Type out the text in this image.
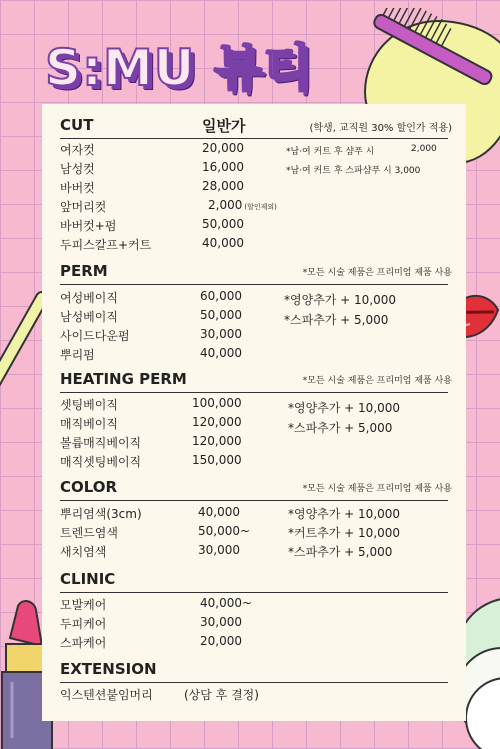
S:MU 뷰티
CUT	일반가	(학생, 교직원 30% 할인가 적용)
여자컷	20,000
남성컷	16,000
바버컷	28,000
앞머리컷	2,000 (할인제외)
바버컷+펌	50,000
두피스칼프+커트	40,000
*남·여 커트 후 샴푸 시	2,000
*남·여 커트 후 스파샴푸 시 3,000
PERM	*모든 시술 제품은 프리미엄 제품 사용
여성베이직	60,000
남성베이직	50,000
사이드다운펌	30,000
뿌리펌	40,000
*영양추가 + 10,000
*스파추가 + 5,000
HEATING PERM	*모든 시술 제품은 프리미엄 제품 사용
셋팅베이직	100,000
매직베이직	120,000
볼륨매직베이직	120,000
매직셋팅베이직	150,000
*영양추가 + 10,000
*스파추가 + 5,000
COLOR	*모든 시술 제품은 프리미엄 제품 사용
뿌리염색(3cm)	40,000
트렌드염색	50,000~
새치염색	30,000
*영양추가 + 10,000
*커트추가 + 10,000
*스파추가 + 5,000
CLINIC
모발케어	40,000~
두피케어	30,000
스파케어	20,000
EXTENSION
익스텐션붙임머리	(상담 후 결정)
